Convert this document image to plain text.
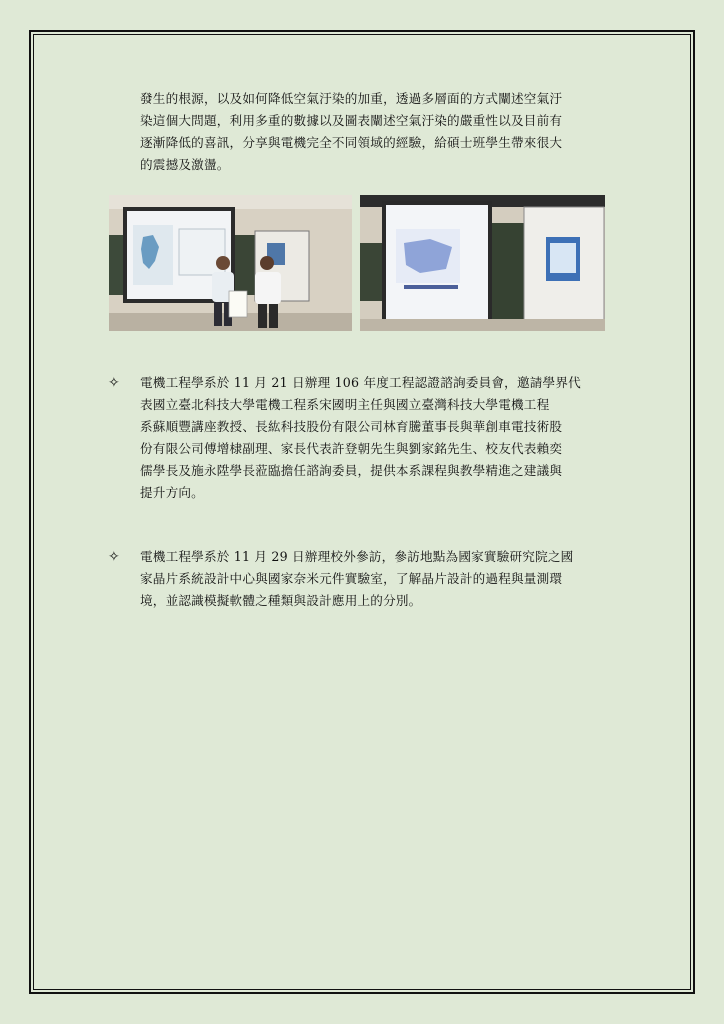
發生的根源，以及如何降低空氣汙染的加重，透過多層面的方式闡述空氣汙
染這個大問題，利用多重的數據以及圖表闡述空氣汙染的嚴重性以及目前有
逐漸降低的喜訊，分享與電機完全不同領域的經驗，給碩士班學生帶來很大
的震撼及激盪。
✧ 電機工程學系於 11 月 21 日辦理 106 年度工程認證諮詢委員會，邀請學界代
表國立臺北科技大學電機工程系宋國明主任與國立臺灣科技大學電機工程
系蘇順豐講座教授、長紘科技股份有限公司林育騰董事長與華創車電技術股
份有限公司傅增棣副理、家長代表許登朝先生與劉家銘先生、校友代表賴奕
儒學長及施永陞學長蒞臨擔任諮詢委員，提供本系課程與教學精進之建議與
提升方向。
✧ 電機工程學系於 11 月 29 日辦理校外參訪，參訪地點為國家實驗研究院之國
家晶片系統設計中心與國家奈米元件實驗室，了解晶片設計的過程與量測環
境，並認識模擬軟體之種類與設計應用上的分別。
